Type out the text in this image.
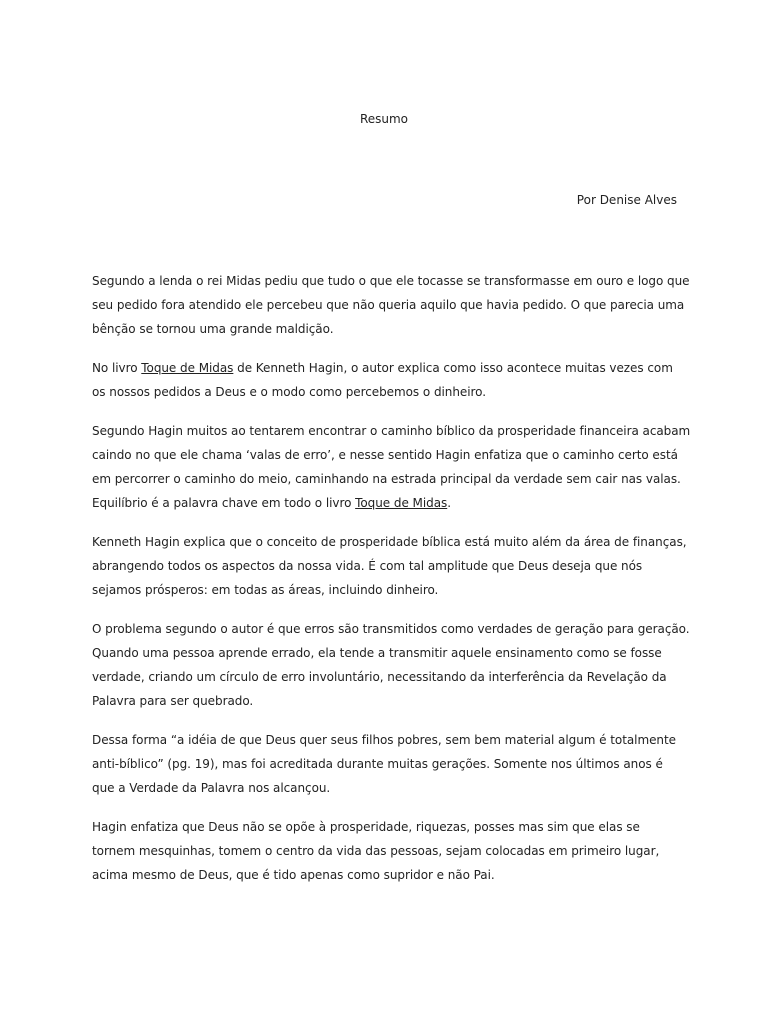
Resumo

Por Denise Alves

Segundo a lenda o rei Midas pediu que tudo o que ele tocasse se transformasse em ouro e logo que
seu pedido fora atendido ele percebeu que não queria aquilo que havia pedido. O que parecia uma
bênção se tornou uma grande maldição.

No livro Toque de Midas de Kenneth Hagin, o autor explica como isso acontece muitas vezes com
os nossos pedidos a Deus e o modo como percebemos o dinheiro.

Segundo Hagin muitos ao tentarem encontrar o caminho bíblico da prosperidade financeira acabam
caindo no que ele chama ‘valas de erro’, e nesse sentido Hagin enfatiza que o caminho certo está
em percorrer o caminho do meio, caminhando na estrada principal da verdade sem cair nas valas.
Equilíbrio é a palavra chave em todo o livro Toque de Midas.

Kenneth Hagin explica que o conceito de prosperidade bíblica está muito além da área de finanças,
abrangendo todos os aspectos da nossa vida. É com tal amplitude que Deus deseja que nós
sejamos prósperos: em todas as áreas, incluindo dinheiro.

O problema segundo o autor é que erros são transmitidos como verdades de geração para geração.
Quando uma pessoa aprende errado, ela tende a transmitir aquele ensinamento como se fosse
verdade, criando um círculo de erro involuntário, necessitando da interferência da Revelação da
Palavra para ser quebrado.

Dessa forma “a idéia de que Deus quer seus filhos pobres, sem bem material algum é totalmente
anti-bíblico” (pg. 19), mas foi acreditada durante muitas gerações. Somente nos últimos anos é
que a Verdade da Palavra nos alcançou.

Hagin enfatiza que Deus não se opõe à prosperidade, riquezas, posses mas sim que elas se
tornem mesquinhas, tomem o centro da vida das pessoas, sejam colocadas em primeiro lugar,
acima mesmo de Deus, que é tido apenas como supridor e não Pai.
